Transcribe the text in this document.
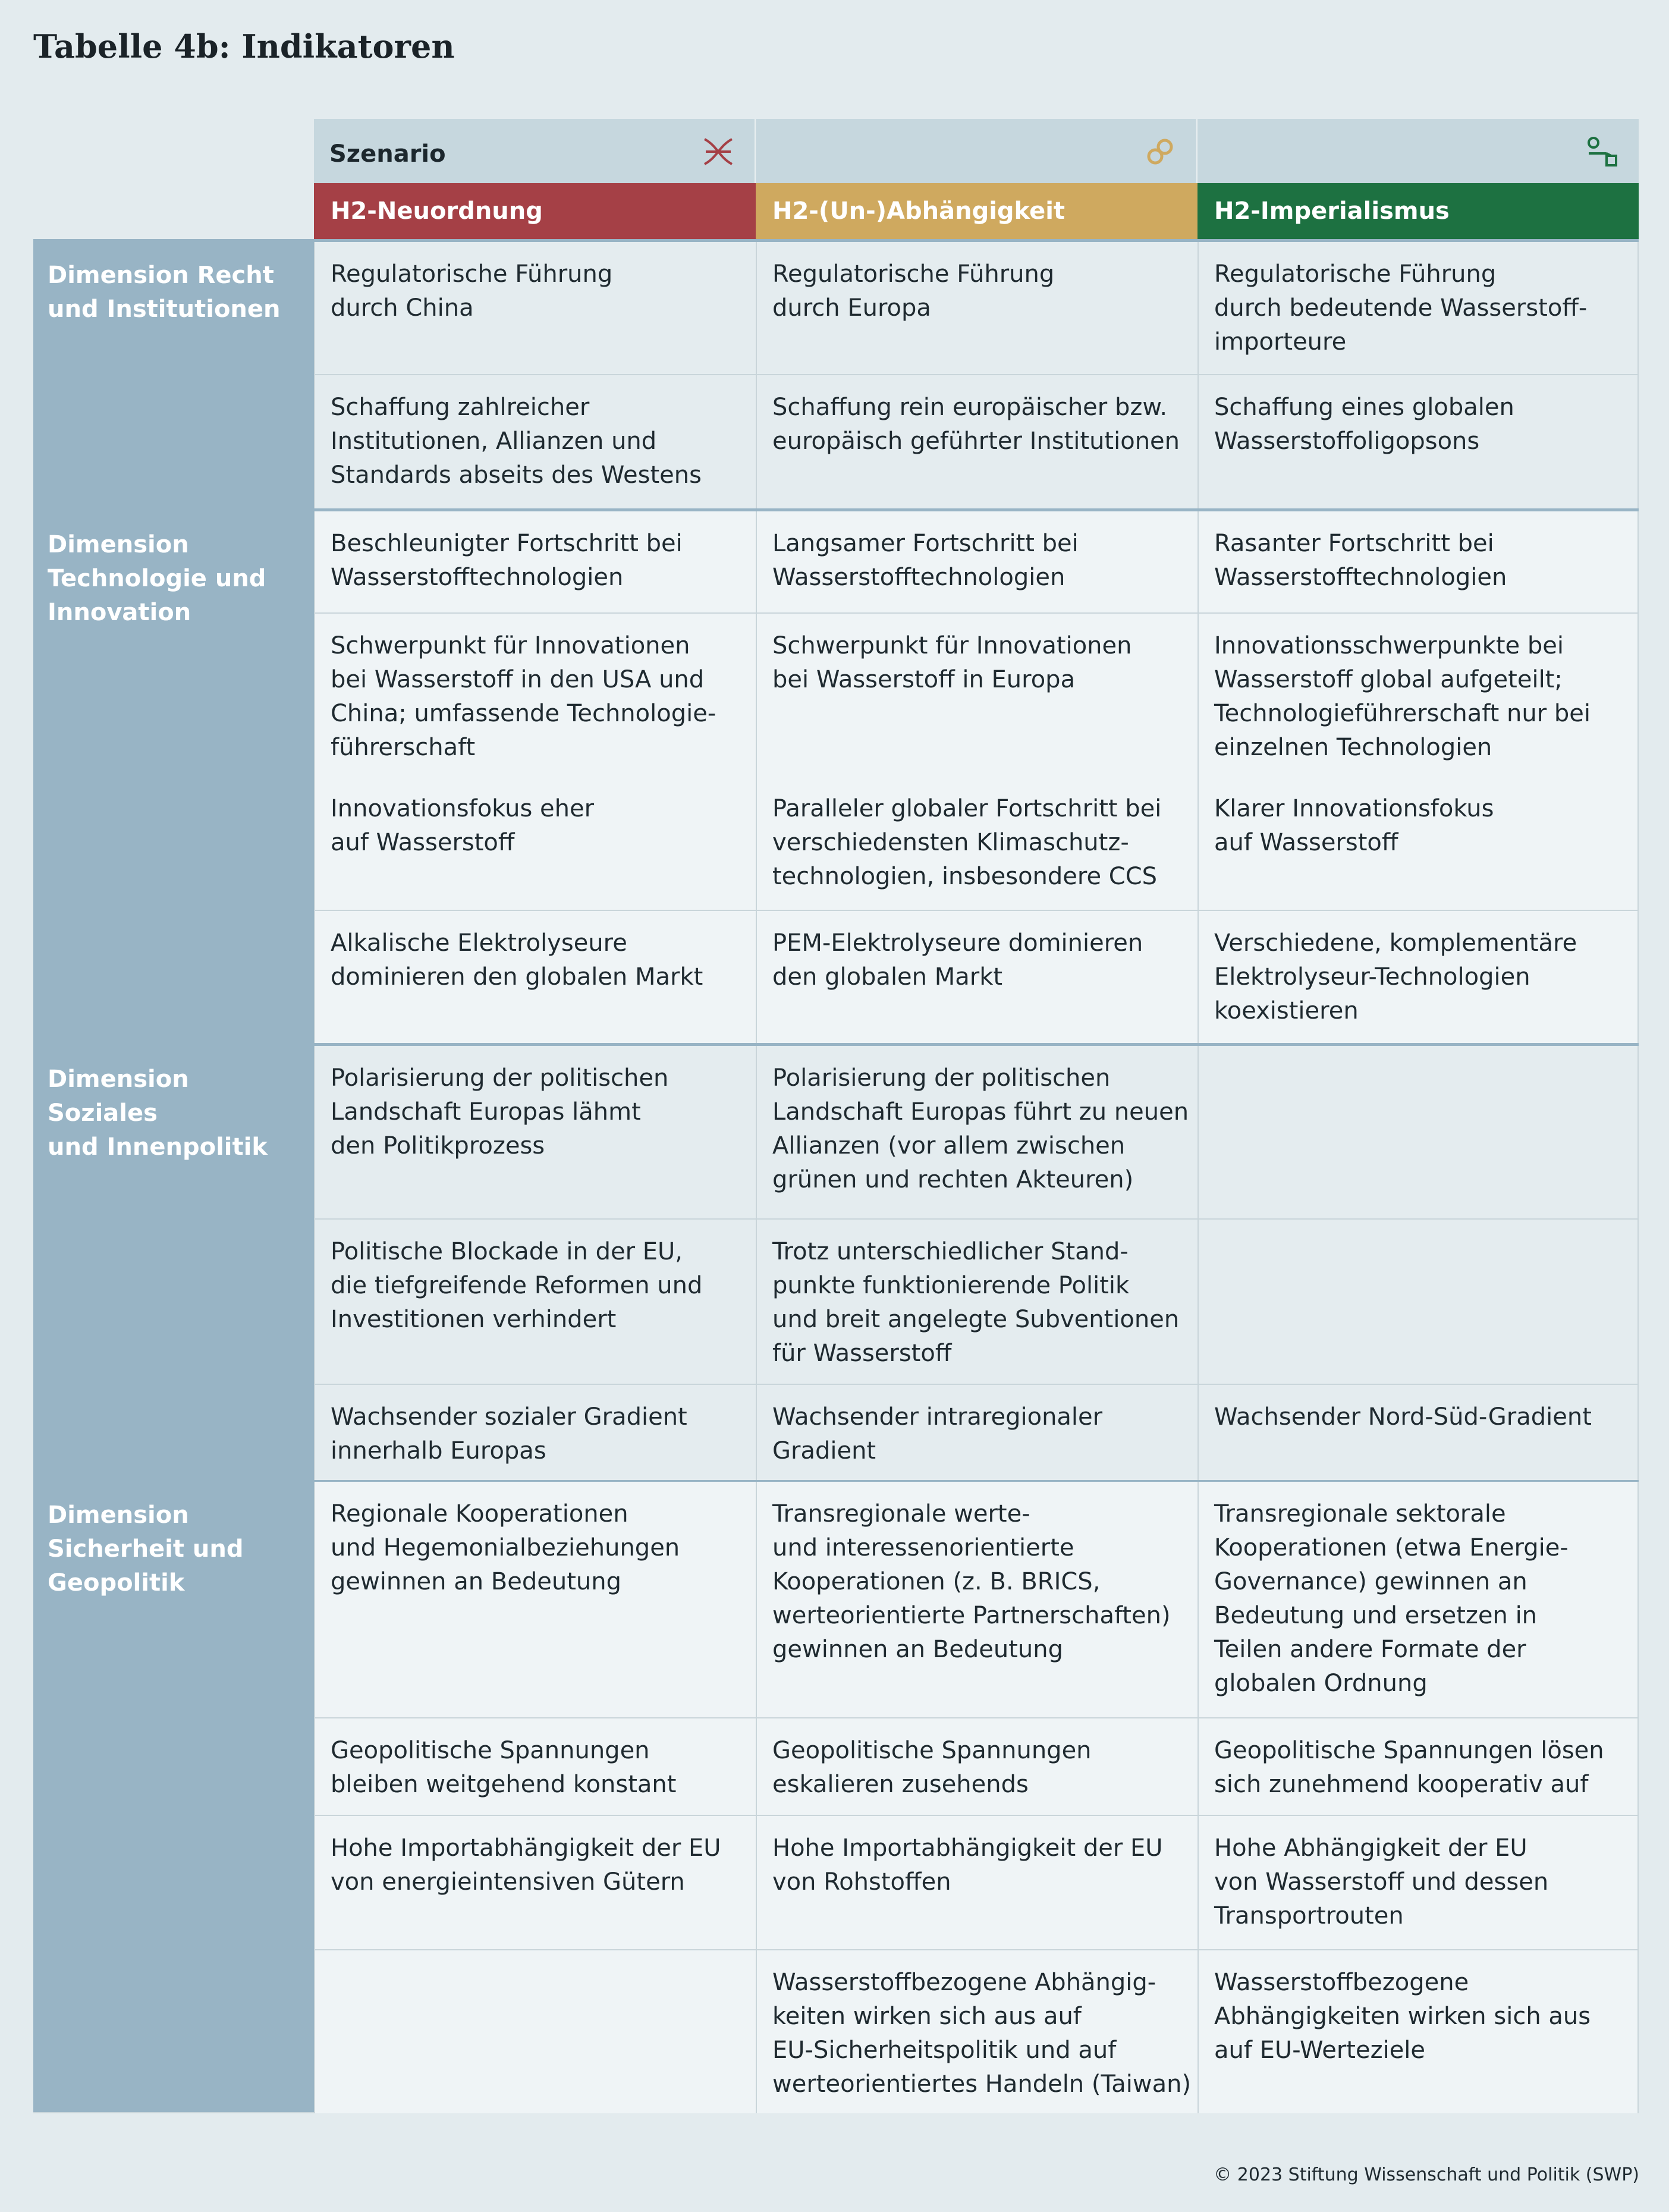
Tabelle 4b: Indikatoren
Szenario
H2-Neuordnung	H2-(Un-)Abhängigkeit	H2-Imperialismus
Dimension Recht
und Institutionen
Regulatorische Führung
durch China
Regulatorische Führung
durch Europa
Regulatorische Führung
durch bedeutende Wasserstoff-
importeure
Schaffung zahlreicher
Institutionen, Allianzen und
Standards abseits des Westens
Schaffung rein europäischer bzw.
europäisch geführter Institutionen
Schaffung eines globalen
Wasserstoffoligopsons
Dimension
Technologie und
Innovation
Beschleunigter Fortschritt bei
Wasserstofftechnologien
Langsamer Fortschritt bei
Wasserstofftechnologien
Rasanter Fortschritt bei
Wasserstofftechnologien
Schwerpunkt für Innovationen
bei Wasserstoff in den USA und
China; umfassende Technologie-
führerschaft
Schwerpunkt für Innovationen
bei Wasserstoff in Europa
Innovationsschwerpunkte bei
Wasserstoff global aufgeteilt;
Technologieführerschaft nur bei
einzelnen Technologien
Innovationsfokus eher
auf Wasserstoff
Paralleler globaler Fortschritt bei
verschiedensten Klimaschutz-
technologien, insbesondere CCS
Klarer Innovationsfokus
auf Wasserstoff
Alkalische Elektrolyseure
dominieren den globalen Markt
PEM-Elektrolyseure dominieren
den globalen Markt
Verschiedene, komplementäre
Elektrolyseur-Technologien
koexistieren
Dimension Soziales
und Innenpolitik
Polarisierung der politischen
Landschaft Europas lähmt
den Politikprozess
Polarisierung der politischen
Landschaft Europas führt zu neuen
Allianzen (vor allem zwischen
grünen und rechten Akteuren)
Politische Blockade in der EU,
die tiefgreifende Reformen und
Investitionen verhindert
Trotz unterschiedlicher Stand-
punkte funktionierende Politik
und breit angelegte Subventionen
für Wasserstoff
Wachsender sozialer Gradient
innerhalb Europas
Wachsender intraregionaler
Gradient
Wachsender Nord-Süd-Gradient
Dimension
Sicherheit und
Geopolitik
Regionale Kooperationen
und Hegemonialbeziehungen
gewinnen an Bedeutung
Transregionale werte-
und interessenorientierte
Kooperationen (z. B. BRICS,
werteorientierte Partnerschaften)
gewinnen an Bedeutung
Transregionale sektorale
Kooperationen (etwa Energie-
Governance) gewinnen an
Bedeutung und ersetzen in
Teilen andere Formate der
globalen Ordnung
Geopolitische Spannungen
bleiben weitgehend konstant
Geopolitische Spannungen
eskalieren zusehends
Geopolitische Spannungen lösen
sich zunehmend kooperativ auf
Hohe Importabhängigkeit der EU
von energieintensiven Gütern
Hohe Importabhängigkeit der EU
von Rohstoffen
Hohe Abhängigkeit der EU
von Wasserstoff und dessen
Transportrouten
Wasserstoffbezogene Abhängig-
keiten wirken sich aus auf
EU-Sicherheitspolitik und auf
werteorientiertes Handeln (Taiwan)
Wasserstoffbezogene
Abhängigkeiten wirken sich aus
auf EU-Werteziele
© 2023 Stiftung Wissenschaft und Politik (SWP)
